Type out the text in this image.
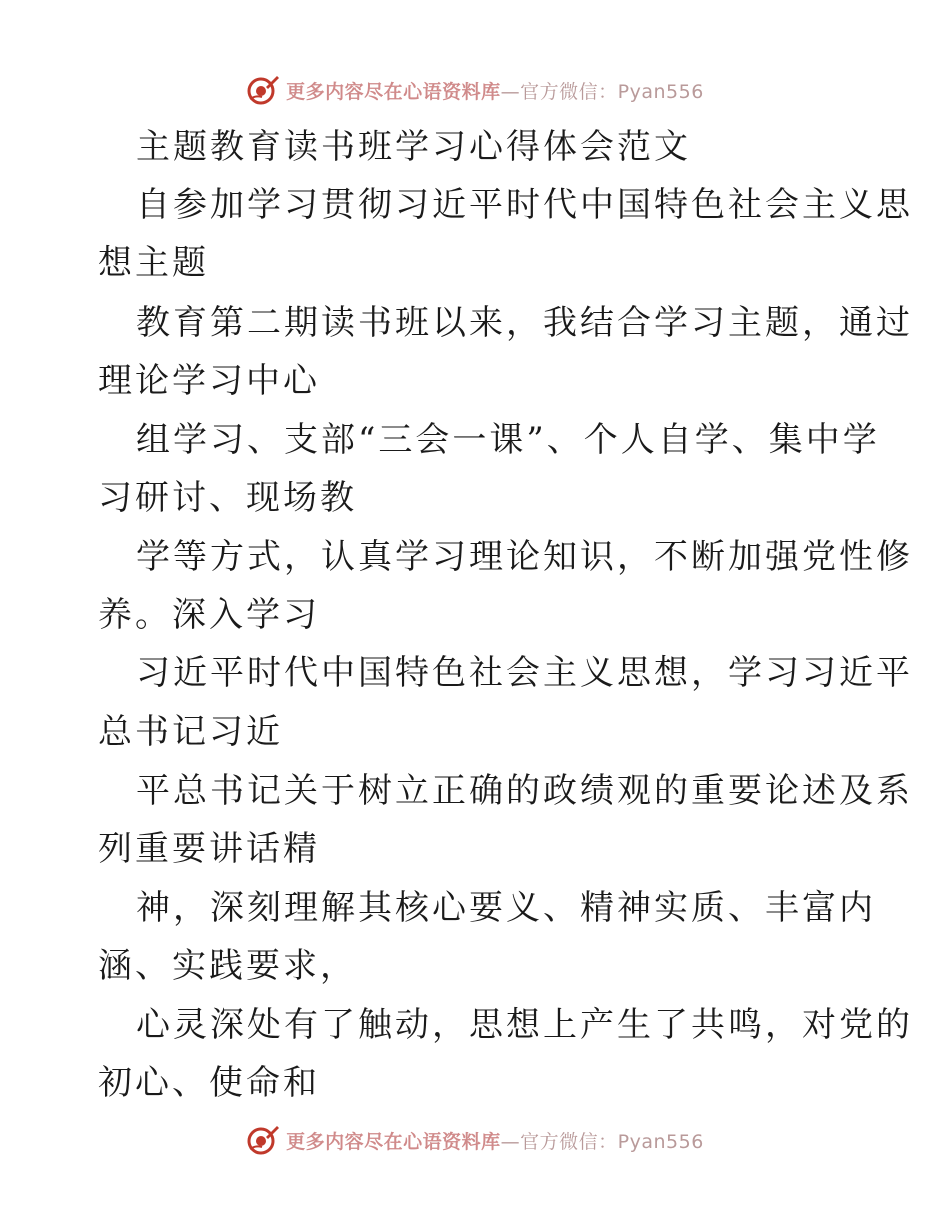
更多内容尽在心语资料库—官方微信：Pyan556
主题教育读书班学习心得体会范文
自参加学习贯彻习近平时代中国特色社会主义思
想主题
教育第二期读书班以来，我结合学习主题，通过
理论学习中心
组学习、支部“三会一课”、个人自学、集中学
习研讨、现场教
学等方式，认真学习理论知识，不断加强党性修
养。深入学习
习近平时代中国特色社会主义思想，学习习近平
总书记习近
平总书记关于树立正确的政绩观的重要论述及系
列重要讲话精
神，深刻理解其核心要义、精神实质、丰富内
涵、实践要求，
心灵深处有了触动，思想上产生了共鸣，对党的
初心、使命和
更多内容尽在心语资料库—官方微信：Pyan556
